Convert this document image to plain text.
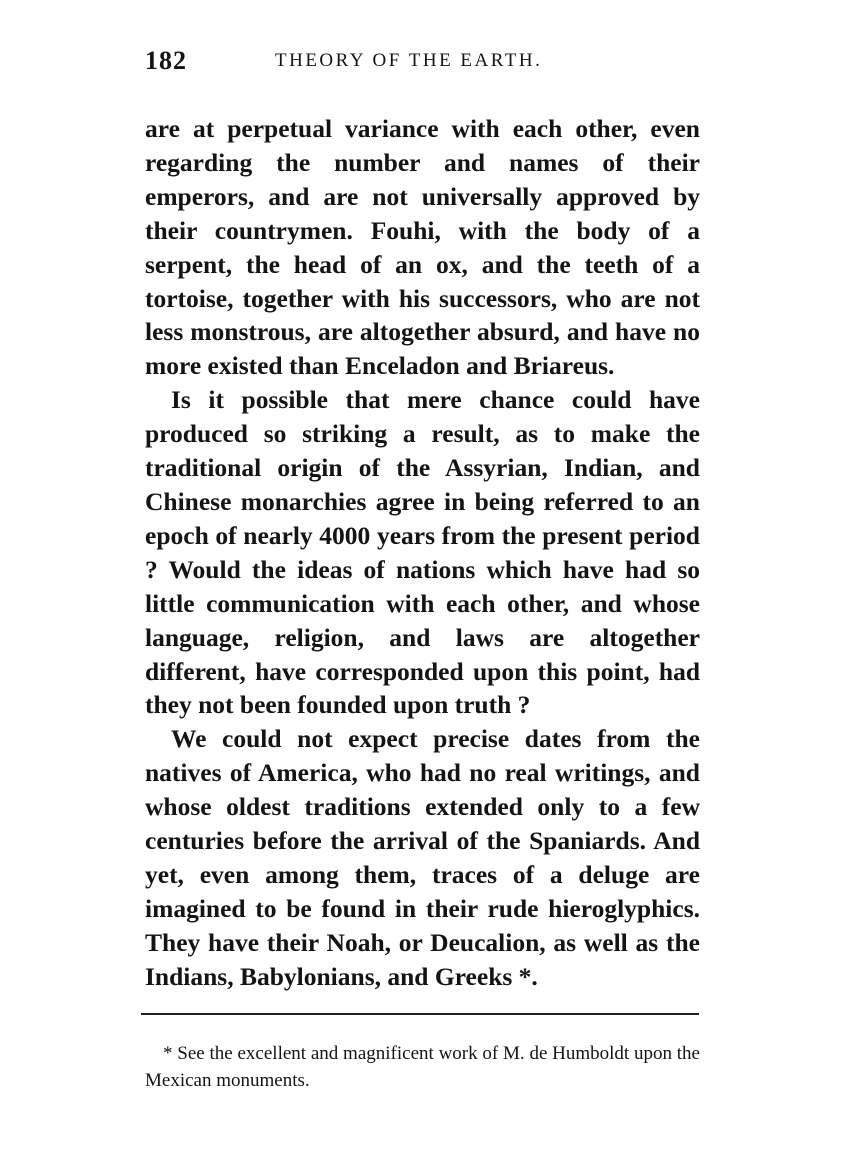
182	THEORY OF THE EARTH.

are at perpetual variance with each other, even regarding the number and names of their emperors, and are not universally approved by their countrymen. Fouhi, with the body of a serpent, the head of an ox, and the teeth of a tortoise, together with his successors, who are not less monstrous, are altogether absurd, and have no more existed than Enceladon and Briareus.

Is it possible that mere chance could have produced so striking a result, as to make the traditional origin of the Assyrian, Indian, and Chinese monarchies agree in being referred to an epoch of nearly 4000 years from the present period ? Would the ideas of nations which have had so little communication with each other, and whose language, religion, and laws are altogether different, have corresponded upon this point, had they not been founded upon truth ?

We could not expect precise dates from the natives of America, who had no real writings, and whose oldest traditions extended only to a few centuries before the arrival of the Spaniards. And yet, even among them, traces of a deluge are imagined to be found in their rude hieroglyphics. They have their Noah, or Deucalion, as well as the Indians, Babylonians, and Greeks *.

* See the excellent and magnificent work of M. de Humboldt upon the Mexican monuments.
